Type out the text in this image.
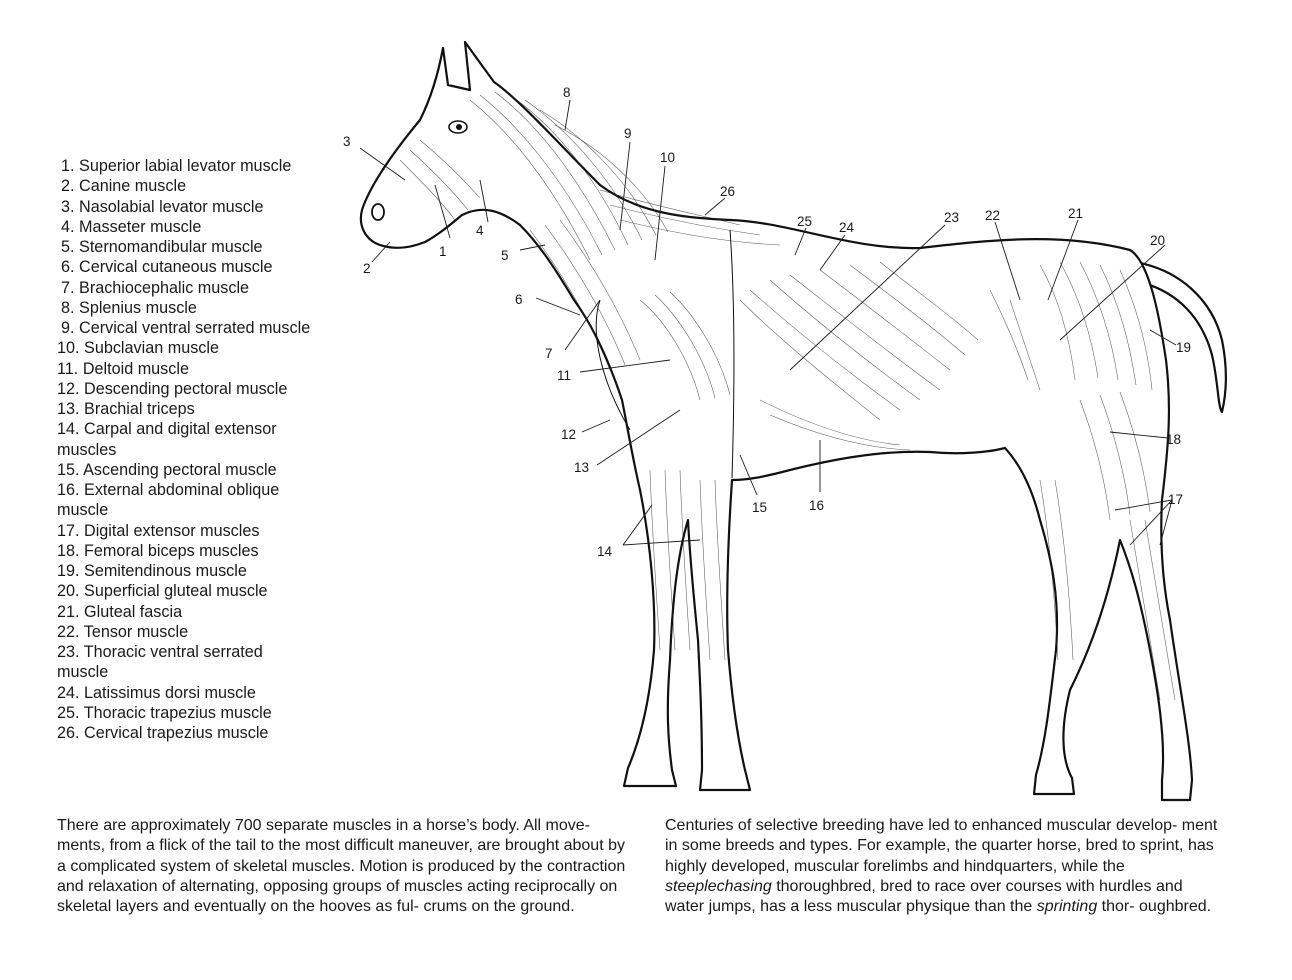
1. Superior labial levator muscle
2. Canine muscle
3. Nasolabial levator muscle
4. Masseter muscle
5. Sternomandibular muscle
6. Cervical cutaneous muscle
7. Brachiocephalic muscle
8. Splenius muscle
9. Cervical ventral serrated muscle
10. Subclavian muscle
11. Deltoid muscle
12. Descending pectoral muscle
13. Brachial triceps
14. Carpal and digital extensor muscles
15. Ascending pectoral muscle
16. External abdominal oblique muscle
17. Digital extensor muscles
18. Femoral biceps muscles
19. Semitendinous muscle
20. Superficial gluteal muscle
21. Gluteal fascia
22. Tensor muscle
23. Thoracic ventral serrated muscle
24. Latissimus dorsi muscle
25. Thoracic trapezius muscle
26. Cervical trapezius muscle
1
2
3
4
5
6
7
8
9
10
11
12
13
14
15	16	17
18
19
20
21
22
23
24
25
26

There are approximately 700 separate muscles in a horse’s body. All move- ments, from a flick of the tail to the most difficult maneuver, are brought about by a complicated system of skeletal muscles. Motion is produced by the contraction and relaxation of alternating, opposing groups of muscles acting reciprocally on skeletal layers and eventually on the hooves as ful- crums on the ground.

Centuries of selective breeding have led to enhanced muscular develop- ment in some breeds and types. For example, the quarter horse, bred to sprint, has highly developed, muscular forelimbs and hindquarters, while the steeplechasing thoroughbred, bred to race over courses with hurdles and water jumps, has a less muscular physique than the sprinting thor- oughbred.
